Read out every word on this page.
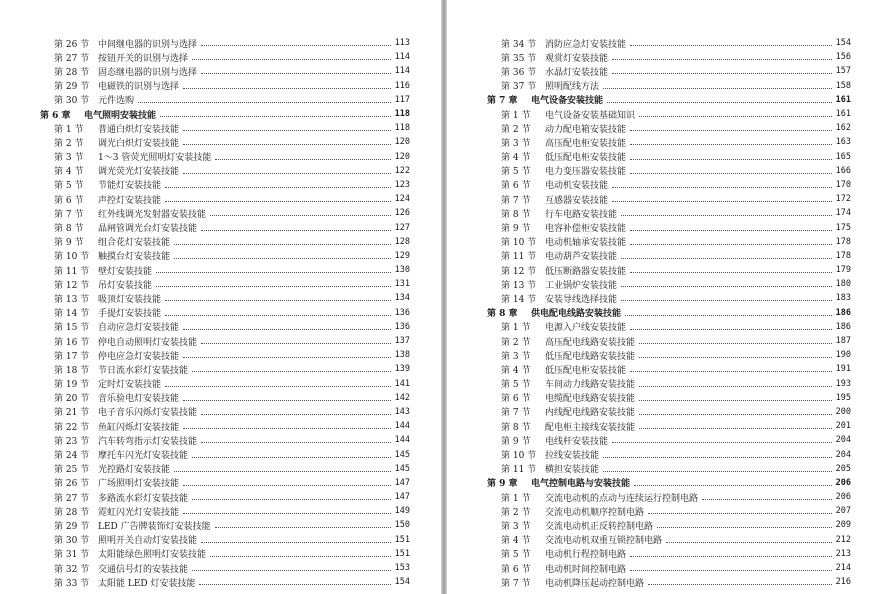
第 26 节 中间继电器的识别与选择	113
第 27 节 按钮开关的识别与选择	114
第 28 节 固态继电器的识别与选择	114
第 29 节 电磁铁的识别与选择	116
第 30 节 元件选购	117
第 6 章	电气照明安装技能	118
第 1 节	普通白炽灯安装技能	118
第 2 节	调光白炽灯安装技能	120
第 3 节	1～3 管荧光照明灯安装技能	120
第 4 节	调光荧光灯安装技能	122
第 5 节	节能灯安装技能	123
第 6 节	声控灯安装技能	124
第 7 节	红外线调光发射器安装技能	126
第 8 节	晶闸管调光台灯安装技能	127
第 9 节	组合花灯安装技能	128
第 10 节 触摸台灯安装技能	129
第 11 节 壁灯安装技能	130
第 12 节 吊灯安装技能	131
第 13 节 吸顶灯安装技能	134
第 14 节 手提灯安装技能	136
第 15 节 自动应急灯安装技能	136
第 16 节 停电自动照明灯安装技能	137
第 17 节 停电应急灯安装技能	138
第 18 节 节日流水彩灯安装技能	139
第 19 节 定时灯安装技能	141
第 20 节 音乐验电灯安装技能	142
第 21 节 电子音乐闪烁灯安装技能	143
第 22 节 鱼缸闪烁灯安装技能	144
第 23 节 汽车转弯指示灯安装技能	144
第 24 节 摩托车闪光灯安装技能	145
第 25 节 光控路灯安装技能	145
第 26 节 广场照明灯安装技能	147
第 27 节 多路流水彩灯安装技能	147
第 28 节 霓虹闪光灯安装技能	149
第 29 节 LED 广告牌装饰灯安装技能	150
第 30 节 照明开关自动灯安装技能	151
第 31 节 太阳能绿色照明灯安装技能	151
第 32 节 交通信号灯的安装技能	153
第 33 节 太阳能 LED 灯安装技能	154
第 34 节 消防应急灯安装技能	154
第 35 节 观赏灯安装技能	156
第 36 节 水晶灯安装技能	157
第 37 节 照明配线方法	158
第 7 章	电气设备安装技能	161
第 1 节	电气设备安装基础知识	161
第 2 节	动力配电箱安装技能	162
第 3 节	高压配电柜安装技能	163
第 4 节	低压配电柜安装技能	165
第 5 节	电力变压器安装技能	166
第 6 节	电动机安装技能	170
第 7 节	互感器安装技能	172
第 8 节	行车电路安装技能	174
第 9 节	电容补偿柜安装技能	175
第 10 节 电动机轴承安装技能	178
第 11 节 电动葫芦安装技能	178
第 12 节 低压断路器安装技能	179
第 13 节 工业锅炉安装技能	180
第 14 节 安装导线选择技能	183
第 8 章	供电配电线路安装技能	186
第 1 节	电源入户线安装技能	186
第 2 节	高压配电线路安装技能	187
第 3 节	低压配电线路安装技能	190
第 4 节	低压配电柜安装技能	191
第 5 节	车间动力线路安装技能	193
第 6 节	电缆配电线路安装技能	195
第 7 节	内线配电线路安装技能	200
第 8 节	配电柜主接线安装技能	201
第 9 节	电线杆安装技能	204
第 10 节 拉线安装技能	204
第 11 节 横担安装技能	205
第 9 章	电气控制电路与安装技能	206
第 1 节	交流电动机的点动与连续运行控制电路	206
第 2 节	交流电动机顺序控制电路	207
第 3 节	交流电动机正反转控制电路	209
第 4 节	交流电动机双重互锁控制电路	212
第 5 节	电动机行程控制电路	213
第 6 节	电动机时间控制电路	214
第 7 节	电动机降压起动控制电路	216
